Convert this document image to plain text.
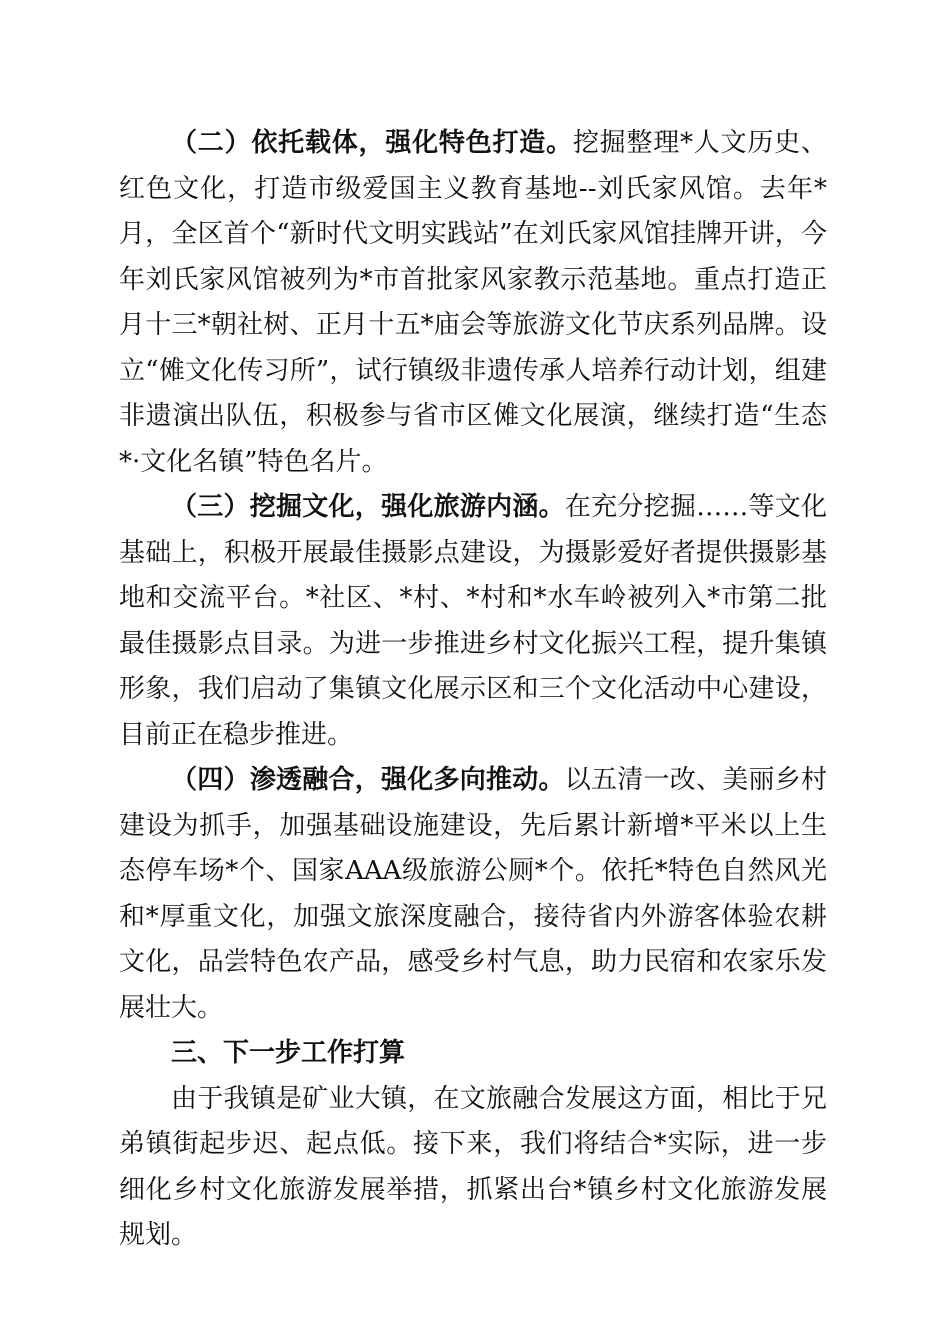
（二）依托载体，强化特色打造。挖掘整理*人文历史、红色文化，打造市级爱国主义教育基地--刘氏家风馆。去年*月，全区首个“新时代文明实践站”在刘氏家风馆挂牌开讲，今年刘氏家风馆被列为*市首批家风家教示范基地。重点打造正月十三*朝社树、正月十五*庙会等旅游文化节庆系列品牌。设立“傩文化传习所”，试行镇级非遗传承人培养行动计划，组建非遗演出队伍，积极参与省市区傩文化展演，继续打造“生态*·文化名镇”特色名片。

（三）挖掘文化，强化旅游内涵。在充分挖掘……等文化基础上，积极开展最佳摄影点建设，为摄影爱好者提供摄影基地和交流平台。*社区、*村、*村和*水车岭被列入*市第二批最佳摄影点目录。为进一步推进乡村文化振兴工程，提升集镇形象，我们启动了集镇文化展示区和三个文化活动中心建设，目前正在稳步推进。

（四）渗透融合，强化多向推动。以五清一改、美丽乡村建设为抓手，加强基础设施建设，先后累计新增*平米以上生态停车场*个、国家AAA级旅游公厕*个。依托*特色自然风光和*厚重文化，加强文旅深度融合，接待省内外游客体验农耕文化，品尝特色农产品，感受乡村气息，助力民宿和农家乐发展壮大。

三、下一步工作打算

由于我镇是矿业大镇，在文旅融合发展这方面，相比于兄弟镇街起步迟、起点低。接下来，我们将结合*实际，进一步细化乡村文化旅游发展举措，抓紧出台*镇乡村文化旅游发展规划。
